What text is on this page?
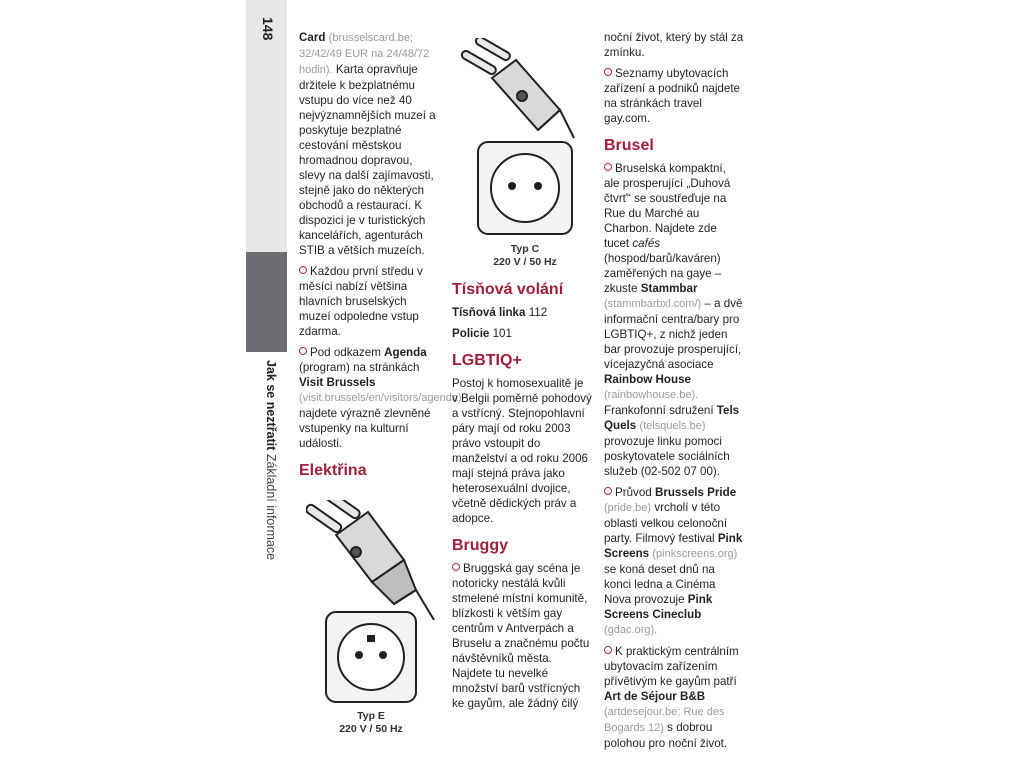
148
Jak se neztřatit Základní informace

Card (brusselscard.be; 32/42/49 EUR na 24/48/72 hodin). Karta opravňuje držitele k bezplatnému vstupu do více než 40 nejvýznamnějších muzeí a poskytuje bezplatné cestování městskou hromadnou dopravou, slevy na další zajímavosti, stejně jako do některých obchodů a restaurací. K dispozici je v turistických kancelářích, agenturách STIB a větších muzeích.

Každou první středu v měsíci nabízí většina hlavních bruselských muzeí odpoledne vstup zdarma.

Pod odkazem Agenda (program) na stránkách Visit Brussels (visit.brussels/en/visitors/agenda) najdete výrazně zlevněné vstupenky na kulturní události.

Elektřina
Typ E
220 V / 50 Hz
Typ C
220 V / 50 Hz
Tísňová volání

Tísňová linka 112

Policie 101

LGBTIQ+

Postoj k homosexualitě je v Belgii poměrně pohodový a vstřícný. Stejnopohlavní páry mají od roku 2003 právo vstoupit do manželství a od roku 2006 mají stejná práva jako heterosexuální dvojice, včetně dědických práv a adopce.

Bruggy

Bruggská gay scéna je notoricky nestálá kvůli stmelené místní komunitě, blízkosti k větším gay centrům v Antverpách a Bruselu a značnému počtu návštěvníků města. Najdete tu nevelké množství barů vstřícných ke gayům, ale žádný čilý

noční život, který by stál za zmínku.

Seznamy ubytovacích zařízení a podniků najdete na stránkách travel gay.com.

Brusel

Bruselská kompaktní, ale prosperující „Duhová čtvrť“ se soustřeďuje na Rue du Marché au Charbon. Najdete zde tucet cafés (hospod/barů/kaváren) zaměřených na gaye – zkuste Stammbar (stammbarbxl.com/) – a dvě informační centra/bary pro LGBTIQ+, z nichž jeden bar provozuje prosperující, vícejazyčná asociace Rainbow House (rainbowhouse.be). Frankofonní sdružení Tels Quels (telsquels.be) provozuje linku pomoci poskytovatele sociálních služeb (02-502 07 00).

Průvod Brussels Pride (pride.be) vrcholí v této oblasti velkou celonoční party. Filmový festival Pink Screens (pinkscreens.org) se koná deset dnů na konci ledna a Cinéma Nova provozuje Pink Screens Cineclub (gdac.org).

K praktickým centrálním ubytovacím zařízením přívětivým ke gayům patří Art de Séjour B&B (artdesejour.be; Rue des Bogards 12) s dobrou polohou pro noční život.
